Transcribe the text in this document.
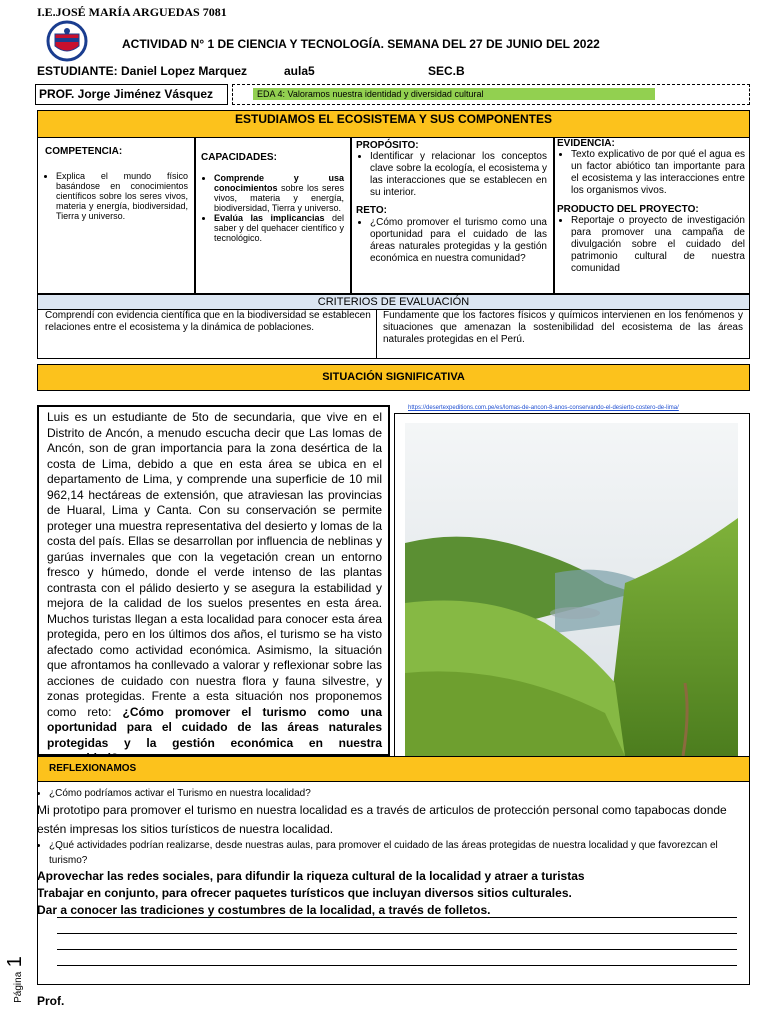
I.E.JOSÉ MARÍA ARGUEDAS 7081
ACTIVIDAD N° 1 DE CIENCIA Y TECNOLOGÍA. SEMANA DEL 27 DE JUNIO DEL 2022
ESTUDIANTE: Daniel Lopez Marquez	aula5	SEC.B
PROF. Jorge Jiménez Vásquez	EDA 4: Valoramos nuestra identidad y diversidad cultural
ESTUDIAMOS EL ECOSISTEMA Y SUS COMPONENTES
COMPETENCIA:
• Explica el mundo físico basándose en conocimientos científicos sobre los seres vivos, materia y energía, biodiversidad, Tierra y universo.
CAPACIDADES:
• Comprende y usa conocimientos sobre los seres vivos, materia y energía, biodiversidad, Tierra y universo.
• Evalúa las implicancias del saber y del quehacer científico y tecnológico.
PROPÓSITO:
• Identificar y relacionar los conceptos clave sobre la ecología, el ecosistema y las interacciones que se establecen en su interior.
RETO:
• ¿Cómo promover el turismo como una oportunidad para el cuidado de las áreas naturales protegidas y la gestión económica en nuestra comunidad?
EVIDENCIA:
• Texto explicativo de por qué el agua es un factor abiótico tan importante para el ecosistema y las interacciones entre los organismos vivos.
PRODUCTO DEL PROYECTO:
• Reportaje o proyecto de investigación para promover una campaña de divulgación sobre el cuidado del patrimonio cultural de nuestra comunidad
CRITERIOS DE EVALUACIÓN
Comprendí con evidencia científica que en la biodiversidad se establecen relaciones entre el ecosistema y la dinámica de poblaciones.
Fundamente que los factores físicos y químicos intervienen en los fenómenos y situaciones que amenazan la sostenibilidad del ecosistema de las áreas naturales protegidas en el Perú.
SITUACIÓN SIGNIFICATIVA
Luis es un estudiante de 5to de secundaria, que vive en el Distrito de Ancón, a menudo escucha decir que Las lomas de Ancón, son de gran importancia para la zona desértica de la costa de Lima, debido a que en esta área se ubica en el departamento de Lima, y comprende una superficie de 10 mil 962,14 hectáreas de extensión, que atraviesan las provincias de Huaral, Lima y Canta. Con su conservación se permite proteger una muestra representativa del desierto y lomas de la costa del país. Ellas se desarrollan por influencia de neblinas y garúas invernales que con la vegetación crean un entorno fresco y húmedo, donde el verde intenso de las plantas contrasta con el pálido desierto y se asegura la estabilidad y mejora de la calidad de los suelos presentes en esta área. Muchos turistas llegan a esta localidad para conocer esta área protegida, pero en los últimos dos años, el turismo se ha visto afectado como actividad económica. Asimismo, la situación que afrontamos ha conllevado a valorar y reflexionar sobre las acciones de cuidado con nuestra flora y fauna silvestre, y zonas protegidas. Frente a esta situación nos proponemos como reto: ¿Cómo promover el turismo como una oportunidad para el cuidado de las áreas naturales protegidas y la gestión económica en nuestra
https://desertexpeditions.com.pe/es/lomas-de-ancon-8-anos-conservando-el-desierto-costero-de-lima/
REFLEXIONAMOS
• ¿Cómo podríamos activar el Turismo en nuestra localidad?
Mi prototipo para promover el turismo en nuestra localidad es a través de articulos de protección personal como tapabocas donde estén impresas los sitios turísticos de nuestra localidad.
• ¿Qué actividades podrían realizarse, desde nuestras aulas, para promover el cuidado de las áreas protegidas de nuestra localidad y que favorezcan el turismo?
Aprovechar las redes sociales, para difundir la riqueza cultural de la localidad y atraer a turistas
Trabajar en conjunto, para ofrecer paquetes turísticos que incluyan diversos sitios culturales.
Dar a conocer las tradiciones y costumbres de la localidad, a través de folletos.
Página 1
Prof.
